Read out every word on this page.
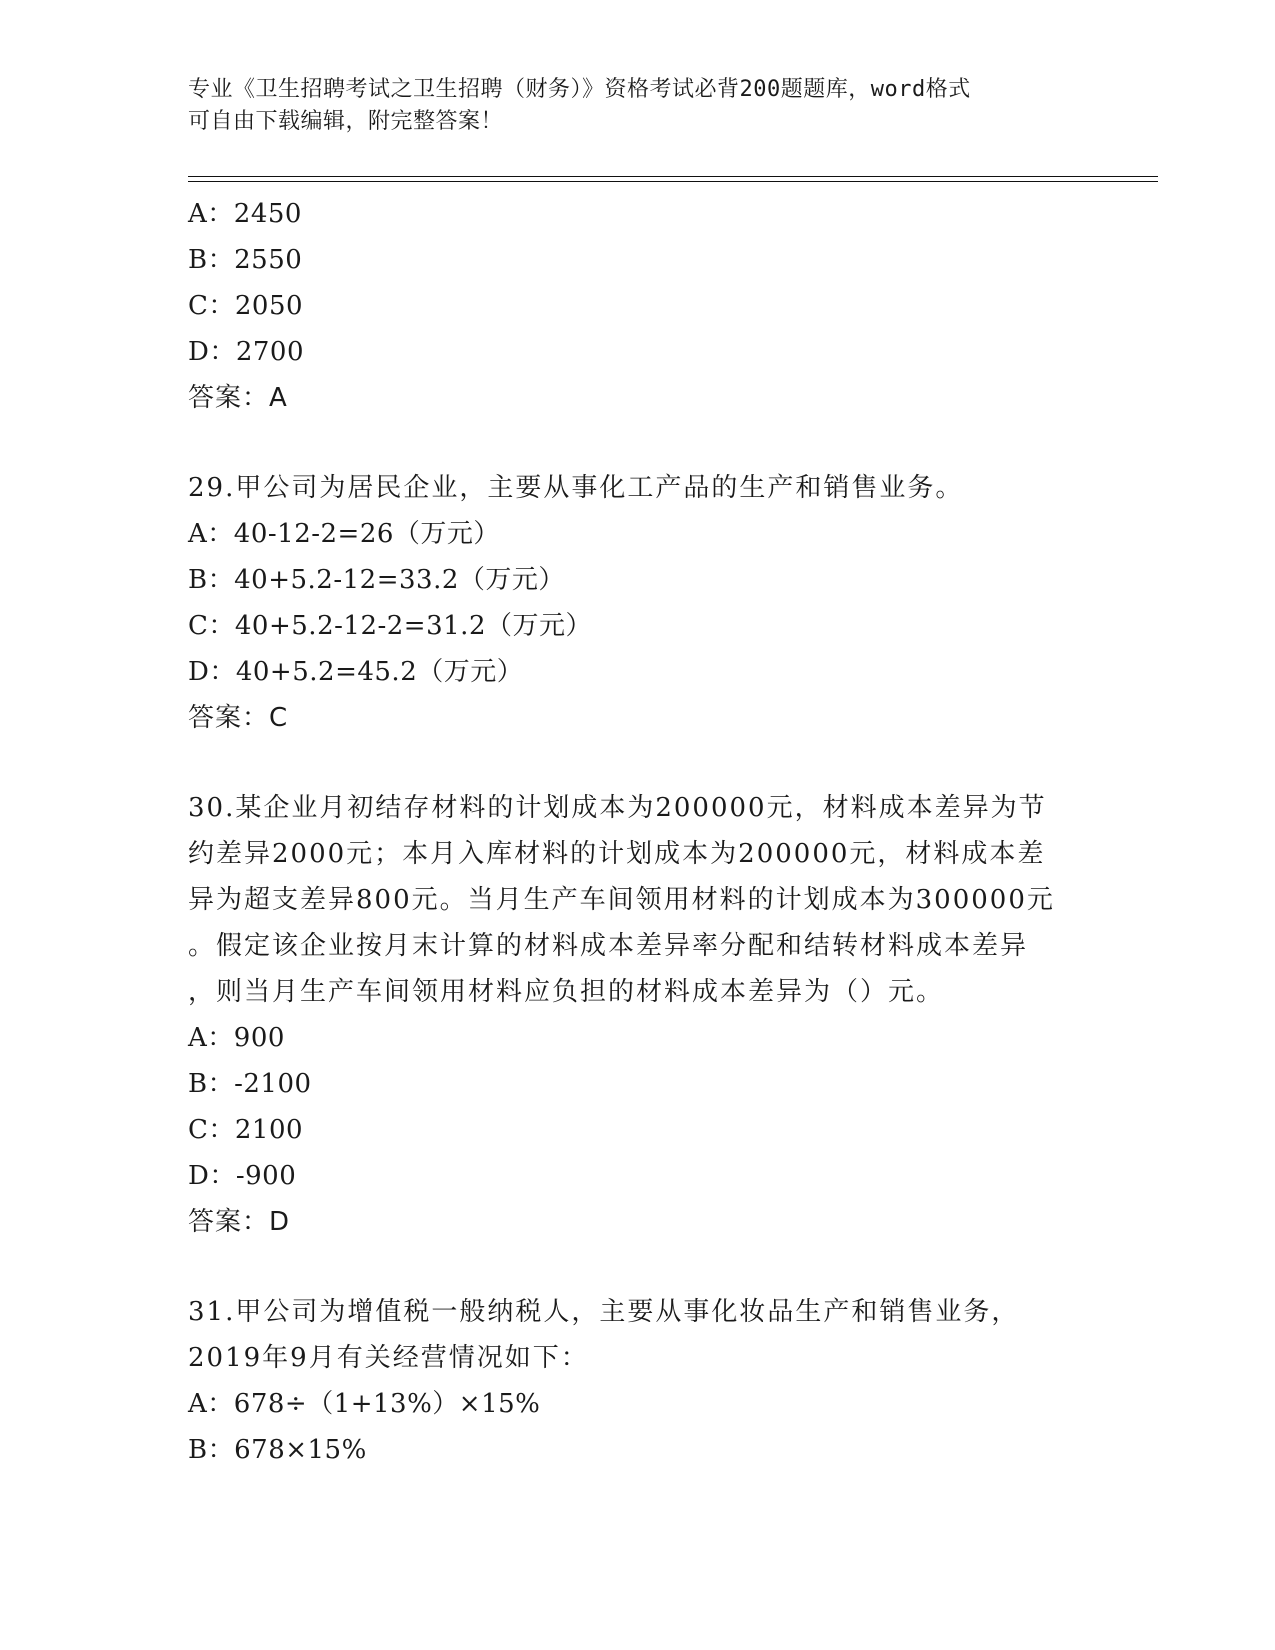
专业《卫生招聘考试之卫生招聘（财务）》资格考试必背200题题库，word格式
可自由下载编辑，附完整答案！
A：2450
B：2550
C：2050
D：2700
答案：A
29.甲公司为居民企业，主要从事化工产品的生产和销售业务。
A：40-12-2=26（万元）
B：40+5.2-12=33.2（万元）
C：40+5.2-12-2=31.2（万元）
D：40+5.2=45.2（万元）
答案：C
30.某企业月初结存材料的计划成本为200000元，材料成本差异为节
约差异2000元；本月入库材料的计划成本为200000元，材料成本差
异为超支差异800元。当月生产车间领用材料的计划成本为300000元
。假定该企业按月末计算的材料成本差异率分配和结转材料成本差异
，则当月生产车间领用材料应负担的材料成本差异为（）元。
A：900
B：-2100
C：2100
D：-900
答案：D
31.甲公司为增值税一般纳税人，主要从事化妆品生产和销售业务，
2019年9月有关经营情况如下：
A：678÷（1+13%）×15%
B：678×15%
